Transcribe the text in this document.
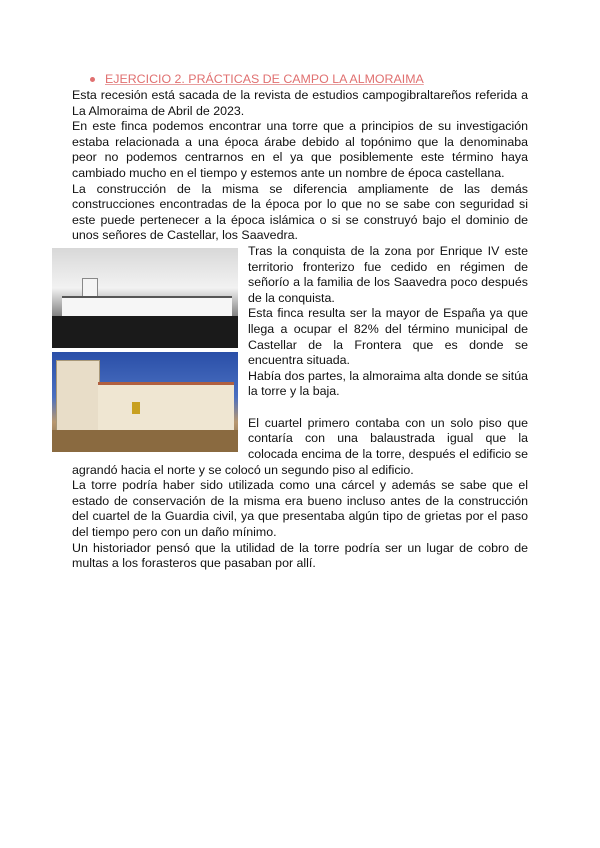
EJERCICIO 2. PRÁCTICAS DE CAMPO LA ALMORAIMA

Esta recesión está sacada de la revista de estudios campogibraltareños referida a La Almoraima de Abril de 2023.

En este finca podemos encontrar una torre que a principios de su investigación estaba relacionada a una época árabe debido al topónimo que la denominaba peor no podemos centrarnos en el ya que posiblemente este término haya cambiado mucho en el tiempo y estemos ante un nombre de época castellana.

La construcción de la misma se diferencia ampliamente de las demás construcciones encontradas de la época por lo que no se sabe con seguridad si este puede pertenecer a la época islámica o si se construyó bajo el dominio de unos señores de Castellar, los Saavedra.

Tras la conquista de la zona por Enrique IV este territorio fronterizo fue cedido en régimen de señorío a la familia de los Saavedra poco después de la conquista.

Esta finca resulta ser la mayor de España ya que llega a ocupar el 82% del término municipal de Castellar de la Frontera que es donde se encuentra situada.

Había dos partes, la almoraima alta donde se sitúa la torre y la baja.

El cuartel primero contaba con un solo piso que contaría con una balaustrada igual que la colocada encima de la torre, después el edificio se agrandó hacia el norte y se colocó un segundo piso al edificio.

La torre podría haber sido utilizada como una cárcel y además se sabe que el estado de conservación de la misma era bueno incluso antes de la construcción del cuartel de la Guardia civil, ya que presentaba algún tipo de grietas por el paso del tiempo pero con un daño mínimo.

Un historiador pensó que la utilidad de la torre podría ser un lugar de cobro de multas a los forasteros que pasaban por allí.
